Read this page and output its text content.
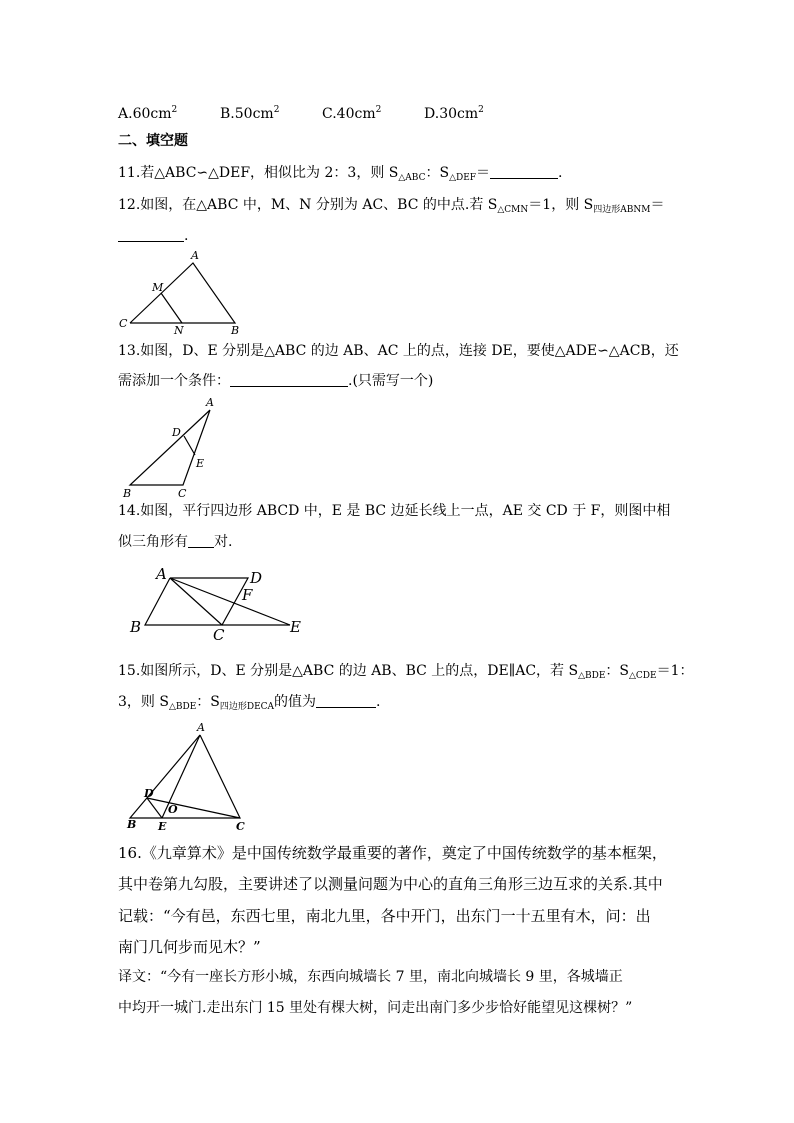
$A.60cm^2$	$B.50cm^2$	$C.40cm^2$	$D.30cm^2$
二、填空题
11.若△ABC∽△DEF，相似比为 2：3，则 $S_{\triangle ABC}$：$S_{\triangle DEF}=$	.
12.如图，在△ABC 中，M、N 分别为 AC、BC 的中点.若 $S_{\triangle CMN}=1$，则 $S_{四边形ABNM}=$
.
A
M
C
N	B
13.如图，D、E 分别是△ABC 的边 AB、AC 上的点，连接 DE，要使△ADE∽△ACB，还
需添加一个条件：	.(只需写一个)
A
D
E
B	C
14.如图，平行四边形 ABCD 中，E 是 BC 边延长线上一点，AE 交 CD 于 F，则图中相
似三角形有 对.
A	D
F
B	C	E
15.如图所示，D、E 分别是△ABC 的边 AB、BC 上的点，DE∥AC，若 $S_{\triangle BDE}$：$S_{\triangle CDE}=1$：
3，则 $S_{\triangle BDE}$：$S_{四边形DECA}$的值为	.
A
D
O
B E	C
16.《九章算术》是中国传统数学最重要的著作，奠定了中国传统数学的基本框架，
其中卷第九勾股，主要讲述了以测量问题为中心的直角三角形三边互求的关系.其中
记载：“今有邑，东西七里，南北九里，各中开门，出东门一十五里有木，问：出
南门几何步而见木？”
译文：“今有一座长方形小城，东西向城墙长 7 里，南北向城墙长 9 里，各城墙正
中均开一城门.走出东门 15 里处有棵大树，问走出南门多少步恰好能望见这棵树？”
